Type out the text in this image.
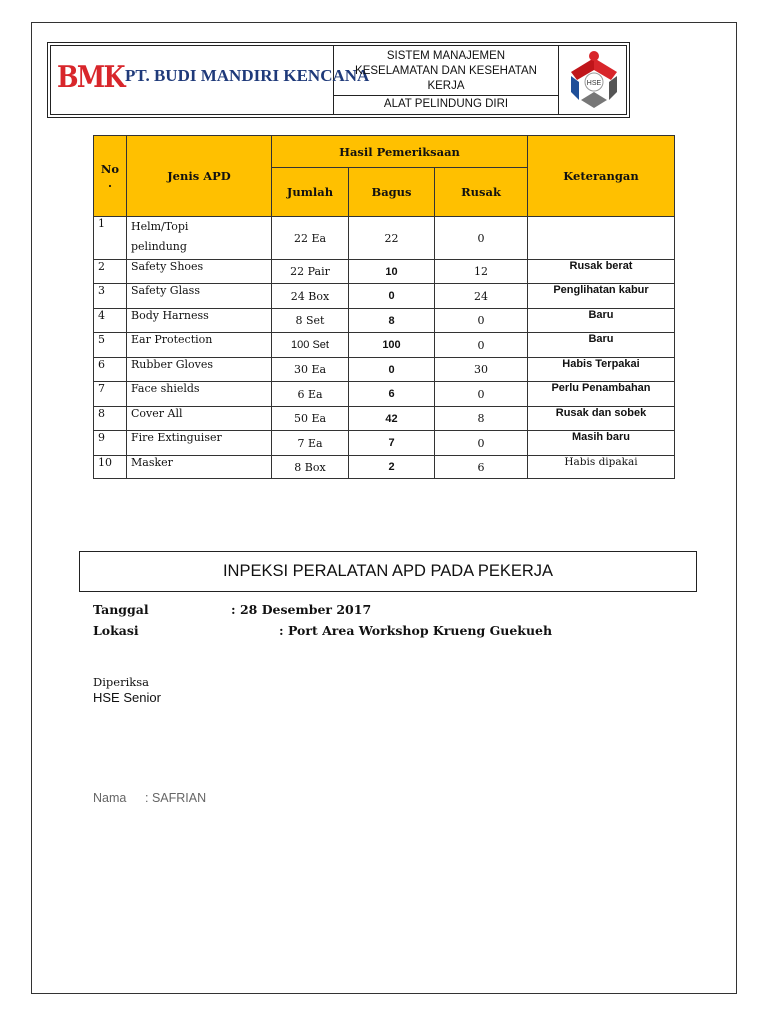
BMK PT. BUDI MANDIRI KENCANA
SISTEM MANAJEMEN
KESELAMATAN DAN KESEHATAN
KERJA
ALAT PELINDUNG DIRI
HSE
No
.	Jenis APD	Hasil Pemeriksaan			Keterangan
		Jumlah	Bagus	Rusak	
1	Helm/Topi
pelindung	22 Ea	22	0	
2	Safety Shoes	22 Pair	10	12	Rusak berat
3	Safety Glass	24 Box	0	24	Penglihatan kabur
4	Body Harness	8 Set	8	0	Baru
5	Ear Protection	100 Set	100	0	Baru
6	Rubber Gloves	30 Ea	0	30	Habis Terpakai
7	Face shields	6 Ea	6	0	Perlu Penambahan
8	Cover All	50 Ea	42	8	Rusak dan sobek
9	Fire Extinguiser	7 Ea	7	0	Masih baru
10	Masker	8 Box	2	6	Habis dipakai
INPEKSI PERALATAN APD PADA PEKERJA
Tanggal	: 28 Desember 2017
Lokasi	: Port Area Workshop Krueng Guekueh
Diperiksa
HSE Senior
Nama : SAFRIAN
